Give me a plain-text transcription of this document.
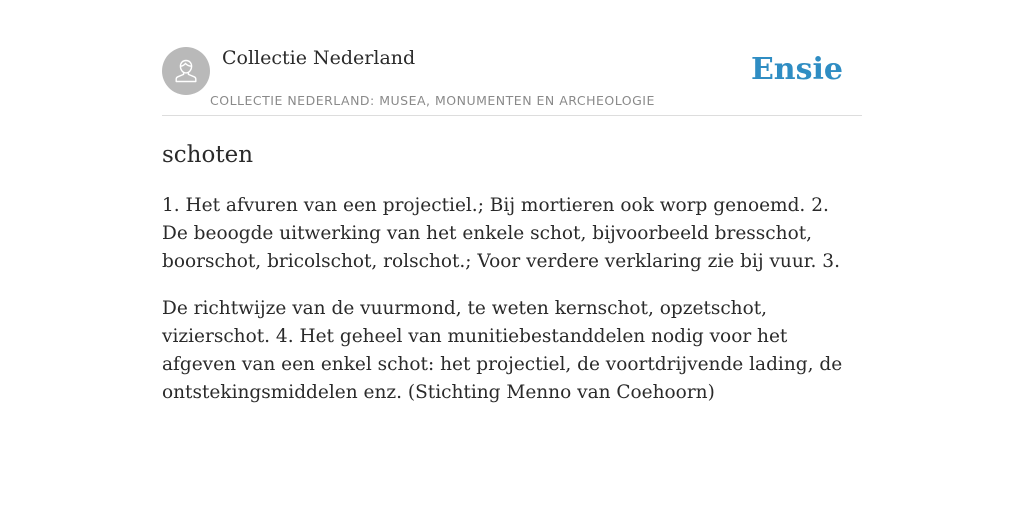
Collectie Nederland
COLLECTIE NEDERLAND: MUSEA, MONUMENTEN EN ARCHEOLOGIE
Ensie
schoten

1. Het afvuren van een projectiel.; Bij mortieren ook worp genoemd. 2. De beoogde uitwerking van het enkele schot, bijvoorbeeld bresschot, boorschot, bricolschot, rolschot.; Voor verdere verklaring zie bij vuur. 3.

De richtwijze van de vuurmond, te weten kernschot, opzetschot, vizierschot. 4. Het geheel van munitiebestanddelen nodig voor het afgeven van een enkel schot: het projectiel, de voortdrijvende lading, de ontstekingsmiddelen enz. (Stichting Menno van Coehoorn)
